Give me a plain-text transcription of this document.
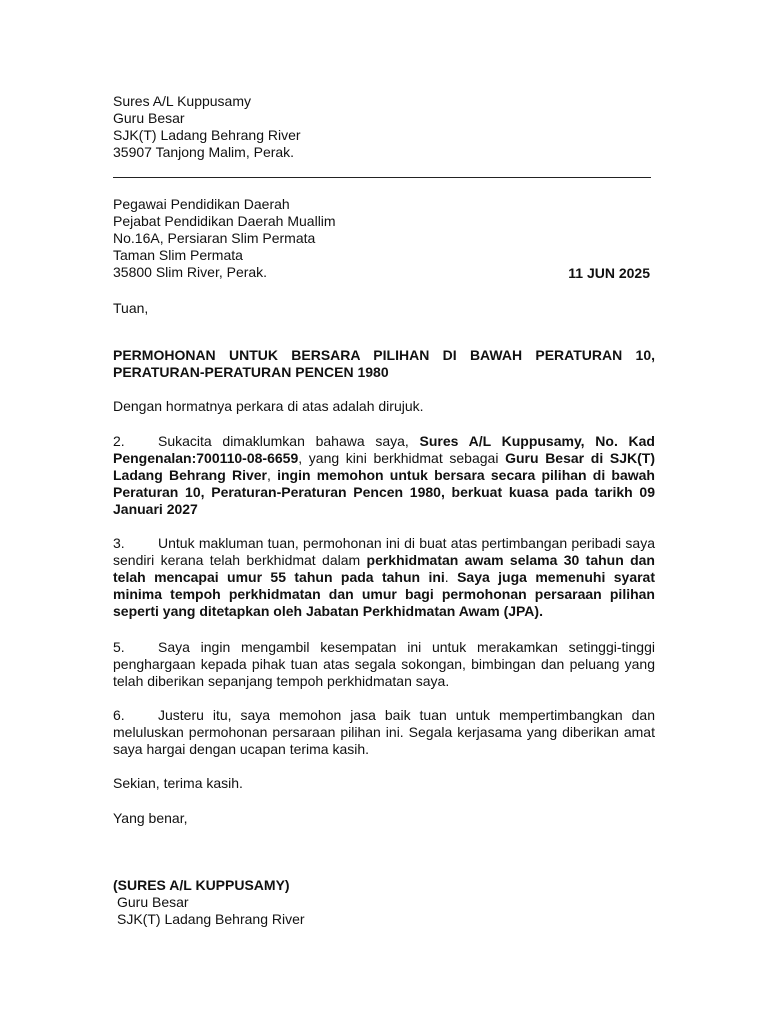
Sures A/L Kuppusamy
Guru Besar
SJK(T) Ladang Behrang River
35907 Tanjong Malim, Perak.
Pegawai Pendidikan Daerah
Pejabat Pendidikan Daerah Muallim
No.16A, Persiaran Slim Permata
Taman Slim Permata
35800 Slim River, Perak.	11 JUN 2025
Tuan,
PERMOHONAN UNTUK BERSARA PILIHAN DI BAWAH PERATURAN 10, PERATURAN-PERATURAN PENCEN 1980
Dengan hormatnya perkara di atas adalah dirujuk.
2. Sukacita dimaklumkan bahawa saya, Sures A/L Kuppusamy, No. Kad Pengenalan:700110-08-6659, yang kini berkhidmat sebagai Guru Besar di SJK(T) Ladang Behrang River, ingin memohon untuk bersara secara pilihan di bawah Peraturan 10, Peraturan-Peraturan Pencen 1980, berkuat kuasa pada tarikh 09 Januari 2027
3. Untuk makluman tuan, permohonan ini di buat atas pertimbangan peribadi saya sendiri kerana telah berkhidmat dalam perkhidmatan awam selama 30 tahun dan telah mencapai umur 55 tahun pada tahun ini. Saya juga memenuhi syarat minima tempoh perkhidmatan dan umur bagi permohonan persaraan pilihan seperti yang ditetapkan oleh Jabatan Perkhidmatan Awam (JPA).
5. Saya ingin mengambil kesempatan ini untuk merakamkan setinggi-tinggi penghargaan kepada pihak tuan atas segala sokongan, bimbingan dan peluang yang telah diberikan sepanjang tempoh perkhidmatan saya.
6. Justeru itu, saya memohon jasa baik tuan untuk mempertimbangkan dan meluluskan permohonan persaraan pilihan ini. Segala kerjasama yang diberikan amat saya hargai dengan ucapan terima kasih.
Sekian, terima kasih.
Yang benar,
(SURES A/L KUPPUSAMY)
Guru Besar
SJK(T) Ladang Behrang River
